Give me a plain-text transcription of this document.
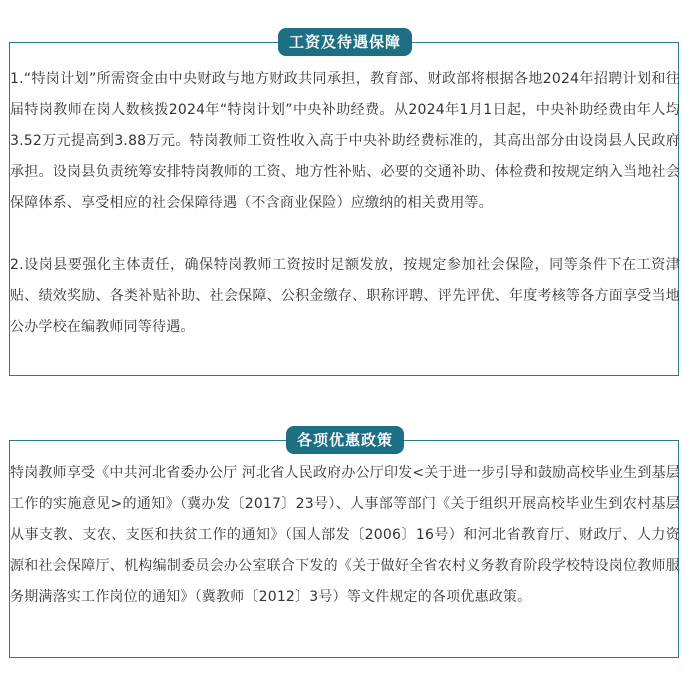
工资及待遇保障

1.“特岗计划”所需资金由中央财政与地方财政共同承担，教育部、财政部将根据各地2024年招聘计划和往届特岗教师在岗人数核拨2024年“特岗计划”中央补助经费。从2024年1月1日起，中央补助经费由年人均3.52万元提高到3.88万元。特岗教师工资性收入高于中央补助经费标准的，其高出部分由设岗县人民政府承担。设岗县负责统筹安排特岗教师的工资、地方性补贴、必要的交通补助、体检费和按规定纳入当地社会保障体系、享受相应的社会保障待遇（不含商业保险）应缴纳的相关费用等。

2.设岗县要强化主体责任，确保特岗教师工资按时足额发放，按规定参加社会保险，同等条件下在工资津贴、绩效奖励、各类补贴补助、社会保障、公积金缴存、职称评聘、评先评优、年度考核等各方面享受当地公办学校在编教师同等待遇。

各项优惠政策

特岗教师享受《中共河北省委办公厅 河北省人民政府办公厅印发<关于进一步引导和鼓励高校毕业生到基层工作的实施意见>的通知》（冀办发〔2017〕23号）、人事部等部门《关于组织开展高校毕业生到农村基层从事支教、支农、支医和扶贫工作的通知》（国人部发〔2006〕16号）和河北省教育厅、财政厅、人力资源和社会保障厅、机构编制委员会办公室联合下发的《关于做好全省农村义务教育阶段学校特设岗位教师服务期满落实工作岗位的通知》（冀教师〔2012〕3号）等文件规定的各项优惠政策。
